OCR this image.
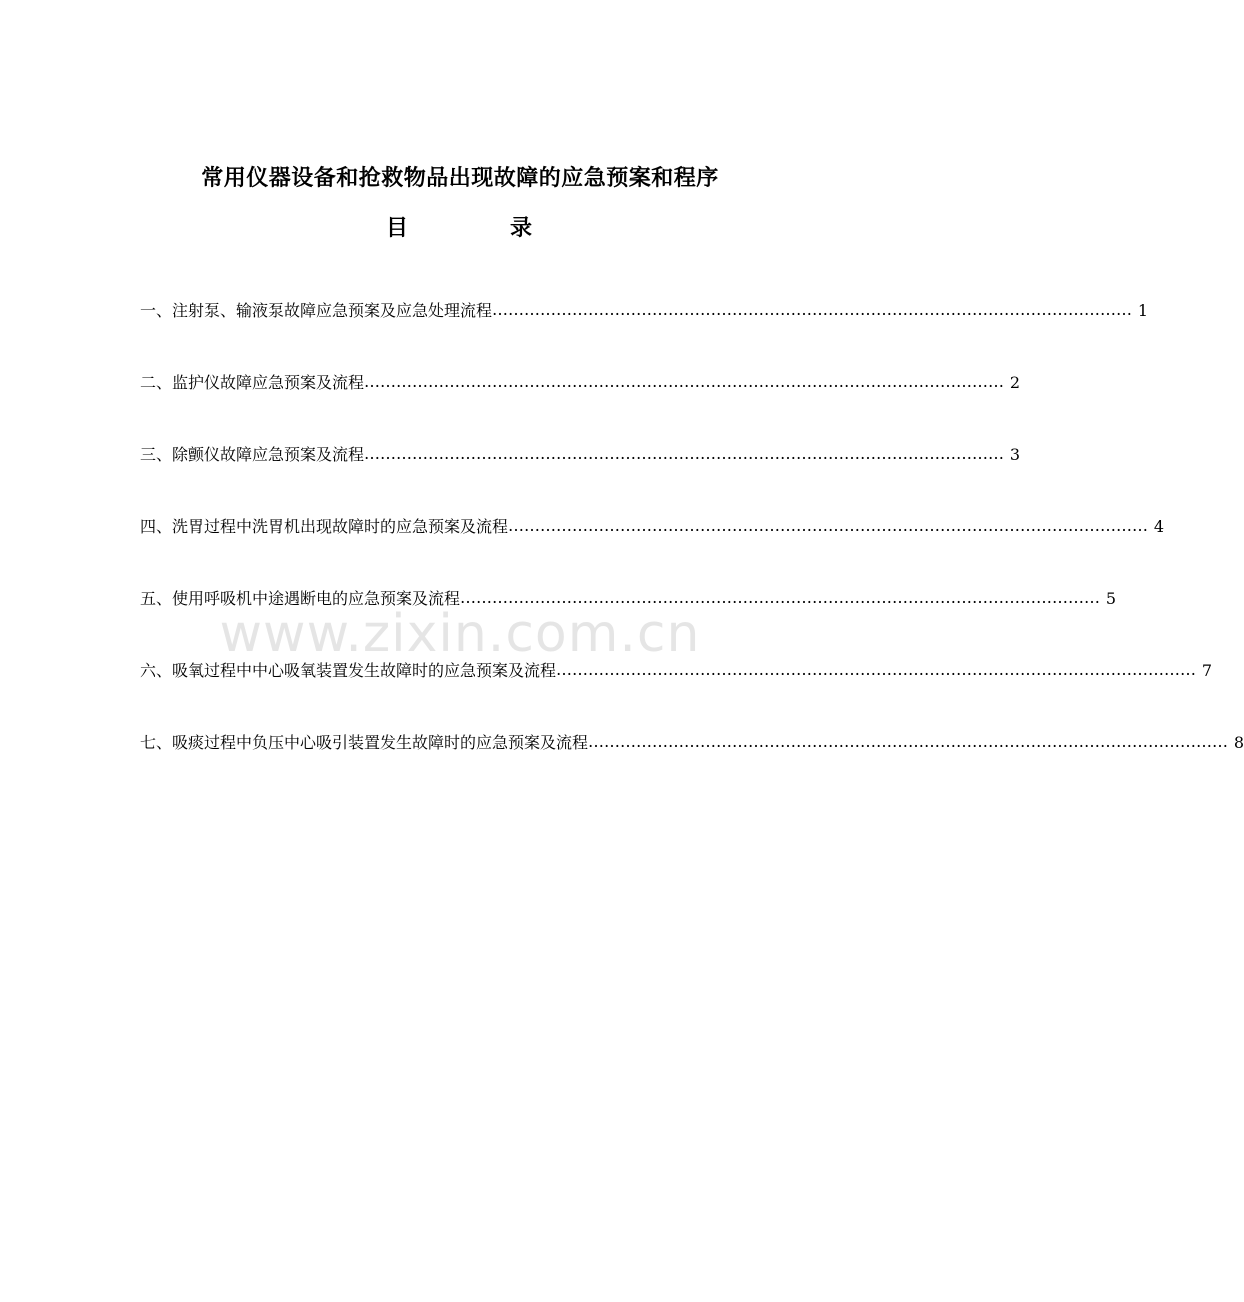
常用仪器设备和抢救物品出现故障的应急预案和程序
目	录
一、注射泵、输液泵故障应急预案及应急处理流程 ………………………………………………………………………………………………………… 1
二、监护仪故障应急预案及流程 ………………………………………………………………………………………………………… 2
三、除颤仪故障应急预案及流程 ………………………………………………………………………………………………………… 3
四、洗胃过程中洗胃机出现故障时的应急预案及流程 ………………………………………………………………………………………………………… 4
五、使用呼吸机中途遇断电的应急预案及流程 ………………………………………………………………………………………………………… 5
六、吸氧过程中中心吸氧装置发生故障时的应急预案及流程 ………………………………………………………………………………………………………… 7
七、吸痰过程中负压中心吸引装置发生故障时的应急预案及流程 ………………………………………………………………………………………………………… 8
www.zixin.com.cn
